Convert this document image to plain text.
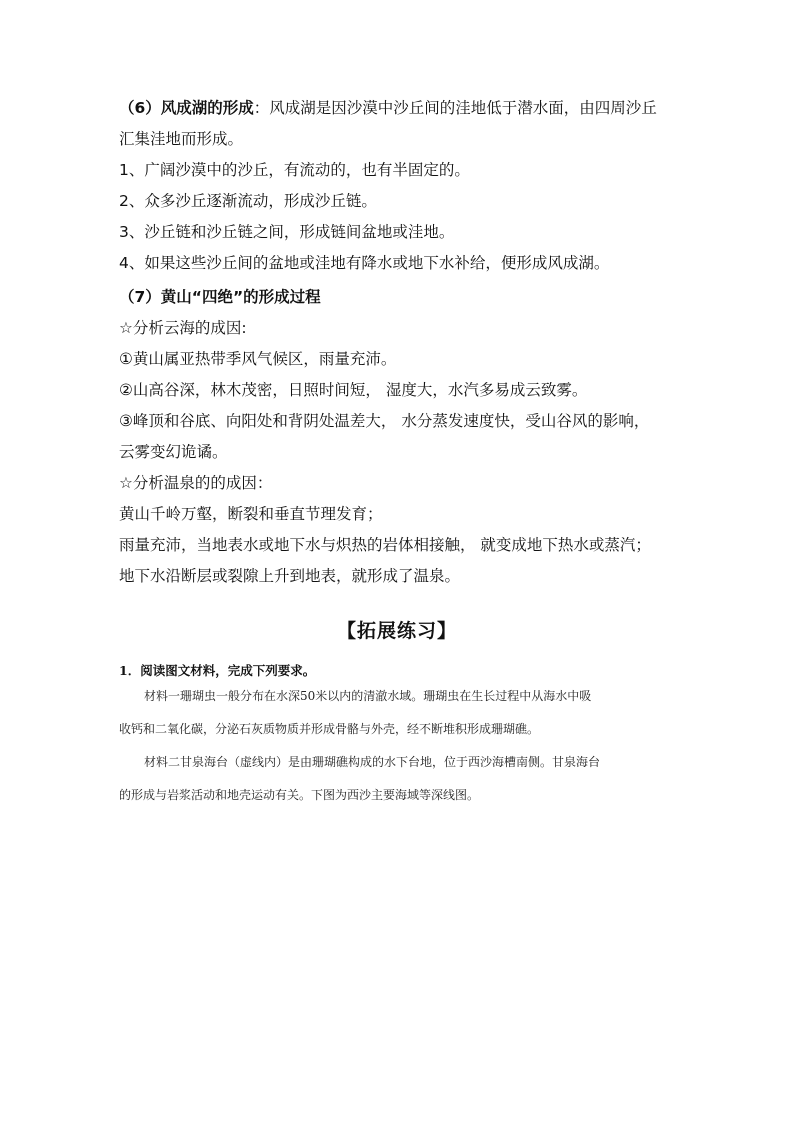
（6）风成湖的形成：风成湖是因沙漠中沙丘间的洼地低于潜水面，由四周沙丘
汇集洼地而形成。
1、广阔沙漠中的沙丘，有流动的，也有半固定的。
2、众多沙丘逐渐流动，形成沙丘链。
3、沙丘链和沙丘链之间，形成链间盆地或洼地。
4、如果这些沙丘间的盆地或洼地有降水或地下水补给，便形成风成湖。
（7）黄山“四绝”的形成过程
☆分析云海的成因:
①黄山属亚热带季风气候区，雨量充沛。
②山高谷深，林木茂密，日照时间短， 湿度大，水汽多易成云致雾。
③峰顶和谷底、向阳处和背阴处温差大， 水分蒸发速度快，受山谷风的影响，
云雾变幻诡谲。
☆分析温泉的的成因：
黄山千岭万壑，断裂和垂直节理发育；
雨量充沛，当地表水或地下水与炽热的岩体相接触， 就变成地下热水或蒸汽；
地下水沿断层或裂隙上升到地表，就形成了温泉。
【拓展练习】
1．阅读图文材料，完成下列要求。
材料一珊瑚虫一般分布在水深50米以内的清澈水域。珊瑚虫在生长过程中从海水中吸
收钙和二氧化碳，分泌石灰质物质并形成骨骼与外壳，经不断堆积形成珊瑚礁。
材料二甘泉海台（虚线内）是由珊瑚礁构成的水下台地，位于西沙海槽南侧。甘泉海台
的形成与岩浆活动和地壳运动有关。下图为西沙主要海域等深线图。
